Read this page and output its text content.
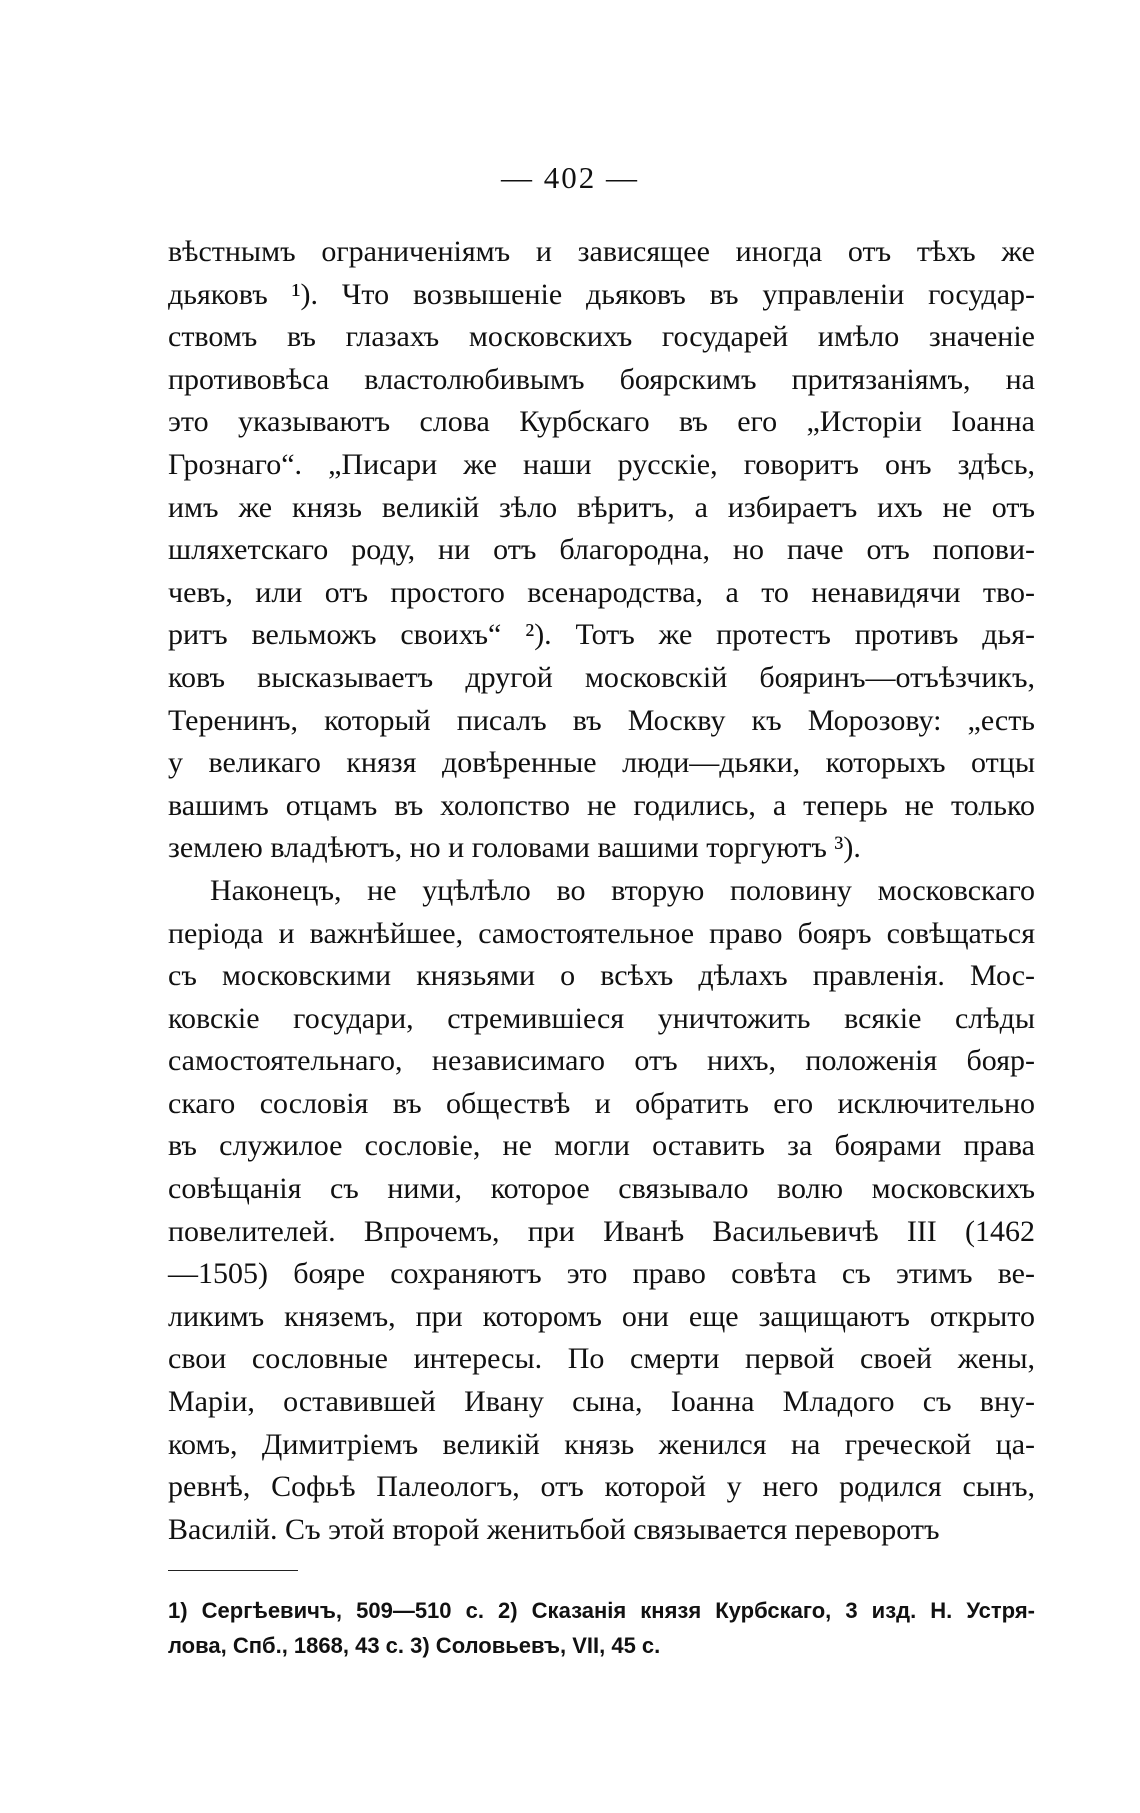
— 402 —
вѣстнымъ ограниченіямъ и зависящее иногда отъ тѣхъ же
дьяковъ ¹). Что возвышеніе дьяковъ въ управленіи государ-
ствомъ въ глазахъ московскихъ государей имѣло значеніе
противовѣса властолюбивымъ боярскимъ притязаніямъ, на
это указываютъ слова Курбскаго въ его „Исторіи Іоанна
Грознаго“. „Писари же наши русскіе, говоритъ онъ здѣсь,
имъ же князь великій зѣло вѣритъ, а избираетъ ихъ не отъ
шляхетскаго роду, ни отъ благородна, но паче отъ попови-
чевъ, или отъ простого всенародства, а то ненавидячи тво-
ритъ вельможъ своихъ“ ²). Тотъ же протестъ противъ дья-
ковъ высказываетъ другой московскій бояринъ—отъѣзчикъ,
Теренинъ, который писалъ въ Москву къ Морозову: „есть
у великаго князя довѣренные люди—дьяки, которыхъ отцы
вашимъ отцамъ въ холопство не годились, а теперь не только
землею владѣютъ, но и головами вашими торгуютъ ³).
Наконецъ, не уцѣлѣло во вторую половину московскаго
періода и важнѣйшее, самостоятельное право бояръ совѣщаться
съ московскими князьями о всѣхъ дѣлахъ правленія. Мос-
ковскіе государи, стремившіеся уничтожить всякіе слѣды
самостоятельнаго, независимаго отъ нихъ, положенія бояр-
скаго сословія въ обществѣ и обратить его исключительно
въ служилое сословіе, не могли оставить за боярами права
совѣщанія съ ними, которое связывало волю московскихъ
повелителей. Впрочемъ, при Иванѣ Васильевичѣ III (1462
—1505) бояре сохраняютъ это право совѣта съ этимъ ве-
ликимъ княземъ, при которомъ они еще защищаютъ открыто
свои сословные интересы. По смерти первой своей жены,
Маріи, оставившей Ивану сына, Іоанна Младого съ вну-
комъ, Димитріемъ великій князь женился на греческой ца-
ревнѣ, Софьѣ Палеологъ, отъ которой у него родился сынъ,
Василій. Съ этой второй женитьбой связывается переворотъ
1) Сергѣевичъ, 509—510 с. 2) Сказанія князя Курбскаго, 3 изд. Н. Устря-
лова, Спб., 1868, 43 с. 3) Соловьевъ, VII, 45 с.
